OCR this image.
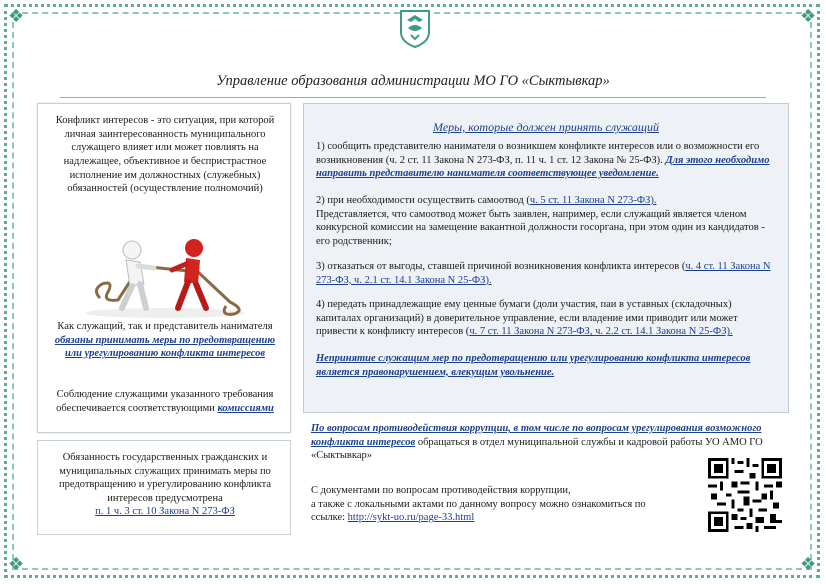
❖	❖
❖	❖
Управление образования администрации МО ГО «Сыктывкар»
Конфликт интересов - это ситуация, при которой личная заинтересованность муниципального служащего влияет или может повлиять на надлежащее, объективное и беспристрастное исполнение им должностных (служебных) обязанностей (осуществление полномочий)
Как служащий, так и представитель нанимателя обязаны принимать меры по предотвращению или урегулированию конфликта интересов
Соблюдение служащими указанного требования обеспечивается соответствующими комиссиями
Меры, которые должен принять служащий
1) сообщить представителю нанимателя о возникшем конфликте интересов или о возможности его возникновения (ч. 2 ст. 11 Закона N 273-ФЗ, п. 11 ч. 1 ст. 12 Закона № 25-ФЗ). Для этого необходимо направить представителю нанимателя соответствующее уведомление.
2) при необходимости осуществить самоотвод (ч. 5 ст. 11 Закона N 273-ФЗ).
Представляется, что самоотвод может быть заявлен, например, если служащий является членом конкурсной комиссии на замещение вакантной должности госоргана, при этом один из кандидатов - его родственник;
3) отказаться от выгоды, ставшей причиной возникновения конфликта интересов (ч. 4 ст. 11 Закона N 273-ФЗ, ч. 2.1 ст. 14.1 Закона N 25-ФЗ).
4) передать принадлежащие ему ценные бумаги (доли участия, паи в уставных (складочных) капиталах организаций) в доверительное управление, если владение ими приводит или может привести к конфликту интересов (ч. 7 ст. 11 Закона N 273-ФЗ, ч. 2.2 ст. 14.1 Закона N 25-ФЗ).
Непринятие служащим мер по предотвращению или урегулированию конфликта интересов является правонарушением, влекущим увольнение.
Обязанность государственных гражданских и муниципальных служащих принимать меры по предотвращению и урегулированию конфликта интересов предусмотрена
п. 1 ч. 3 ст. 10 Закона N 273-ФЗ
По вопросам противодействия коррупции, в том числе по вопросам урегулирования возможного конфликта интересов обращаться в отдел муниципальной службы и кадровой работы УО АМО ГО «Сыктывкар»
С документами по вопросам противодействия коррупции,
а также с локальными актами по данному вопросу можно ознакомиться по
ссылке: http://sykt-uo.ru/page-33.html
